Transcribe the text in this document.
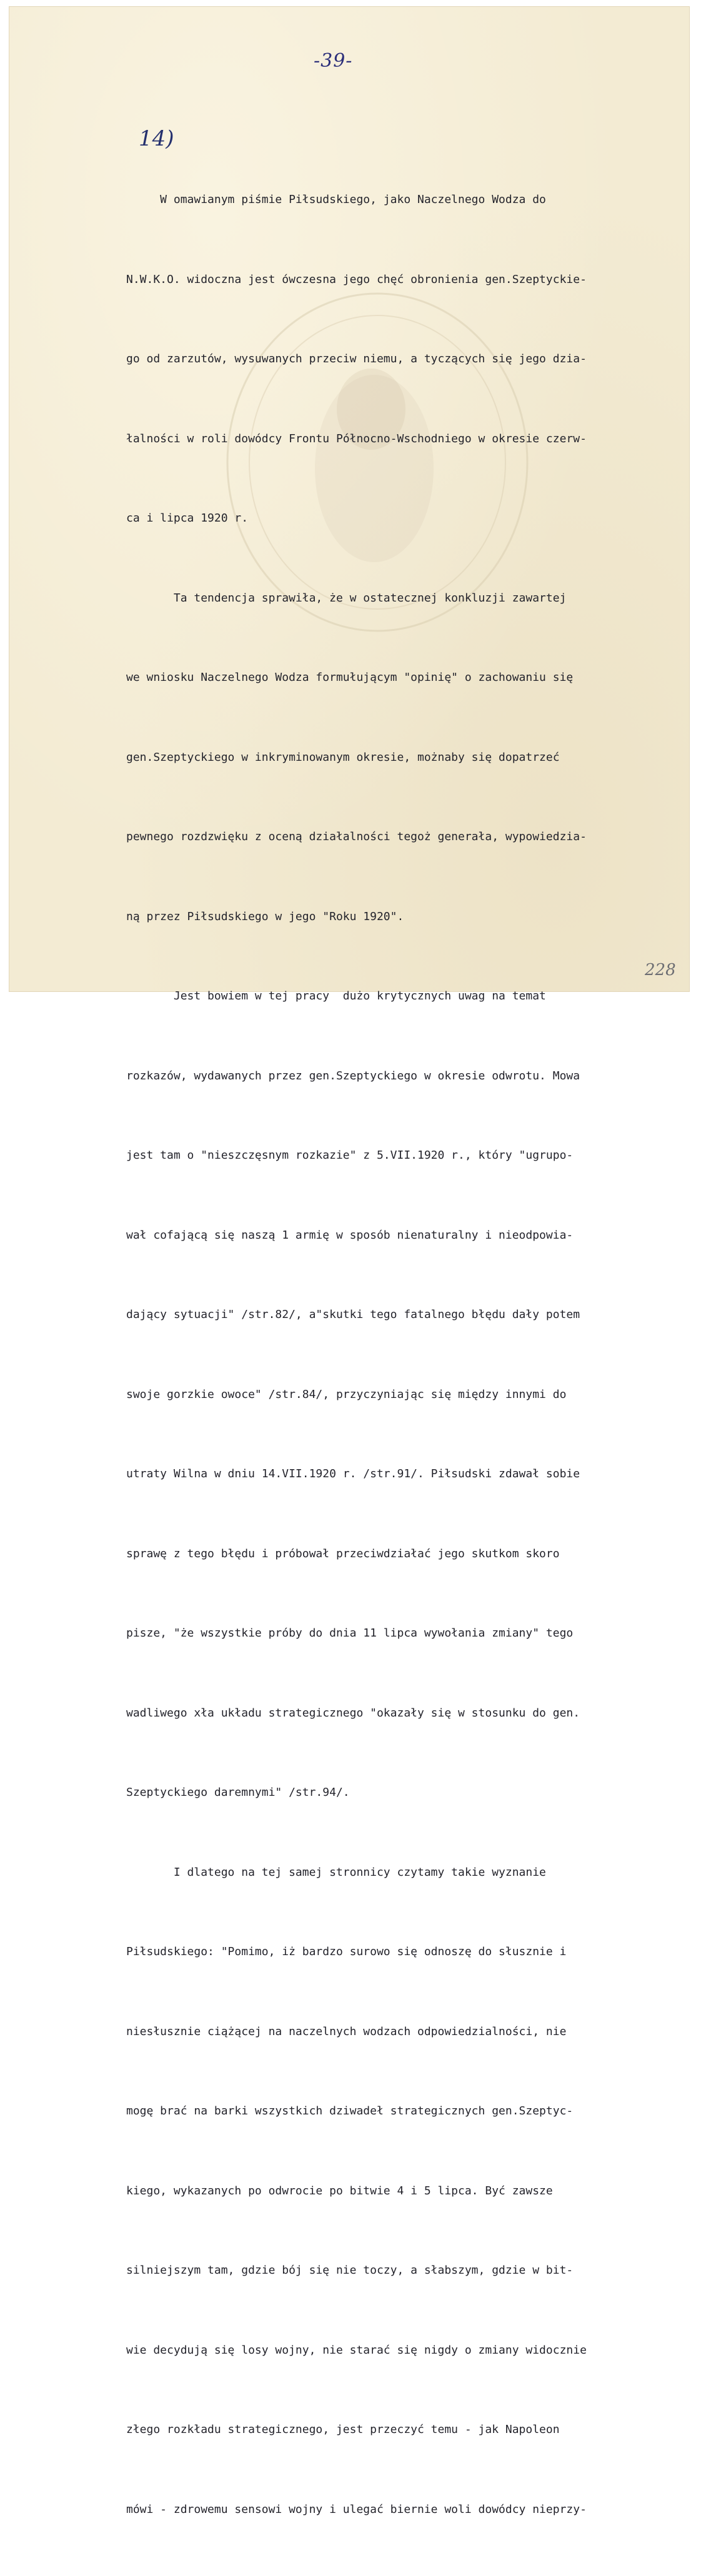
-39-
14)

W omawianym piśmie Piłsudskiego, jako Naczelnego Wodza do

N.W.K.O. widoczna jest ówczesna jego chęć obronienia gen.Szeptyckie-

go od zarzutów, wysuwanych przeciw niemu, a tyczących się jego dzia-

łalności w roli dowódcy Frontu Północno-Wschodniego w okresie czerw-

ca i lipca 1920 r.

Ta tendencja sprawiła, że w ostatecznej konkluzji zawartej

we wniosku Naczelnego Wodza formułującym "opinię" o zachowaniu się

gen.Szeptyckiego w inkryminowanym okresie, możnaby się dopatrzeć

pewnego rozdzwięku z oceną działalności tegoż generała, wypowiedzia-

ną przez Piłsudskiego w jego "Roku 1920".

Jest bowiem w tej pracy  dużo krytycznych uwag na temat

rozkazów, wydawanych przez gen.Szeptyckiego w okresie odwrotu. Mowa

jest tam o "nieszczęsnym rozkazie" z 5.VII.1920 r., który "ugrupo-

wał cofającą się naszą 1 armię w sposób nienaturalny i nieodpowia-

dający sytuacji" /str.82/, a"skutki tego fatalnego błędu dały potem

swoje gorzkie owoce" /str.84/, przyczyniając się między innymi do

utraty Wilna w dniu 14.VII.1920 r. /str.91/. Piłsudski zdawał sobie

sprawę z tego błędu i próbował przeciwdziałać jego skutkom skoro

pisze, "że wszystkie próby do dnia 11 lipca wywołania zmiany" tego

wadliwego xła układu strategicznego "okazały się w stosunku do gen.

Szeptyckiego daremnymi" /str.94/.

I dlatego na tej samej stronnicy czytamy takie wyznanie

Piłsudskiego: "Pomimo, iż bardzo surowo się odnoszę do słusznie i

niesłusznie ciążącej na naczelnych wodzach odpowiedzialności, nie

mogę brać na barki wszystkich dziwadeł strategicznych gen.Szeptyc-

kiego, wykazanych po odwrocie po bitwie 4 i 5 lipca. Być zawsze

silniejszym tam, gdzie bój się nie toczy, a słabszym, gdzie w bit-

wie decydują się losy wojny, nie starać się nigdy o zmiany widocznie

złego rozkładu strategicznego, jest przeczyć temu - jak Napoleon

mówi - zdrowemu sensowi wojny i ulegać biernie woli dowódcy nieprzy-

228
